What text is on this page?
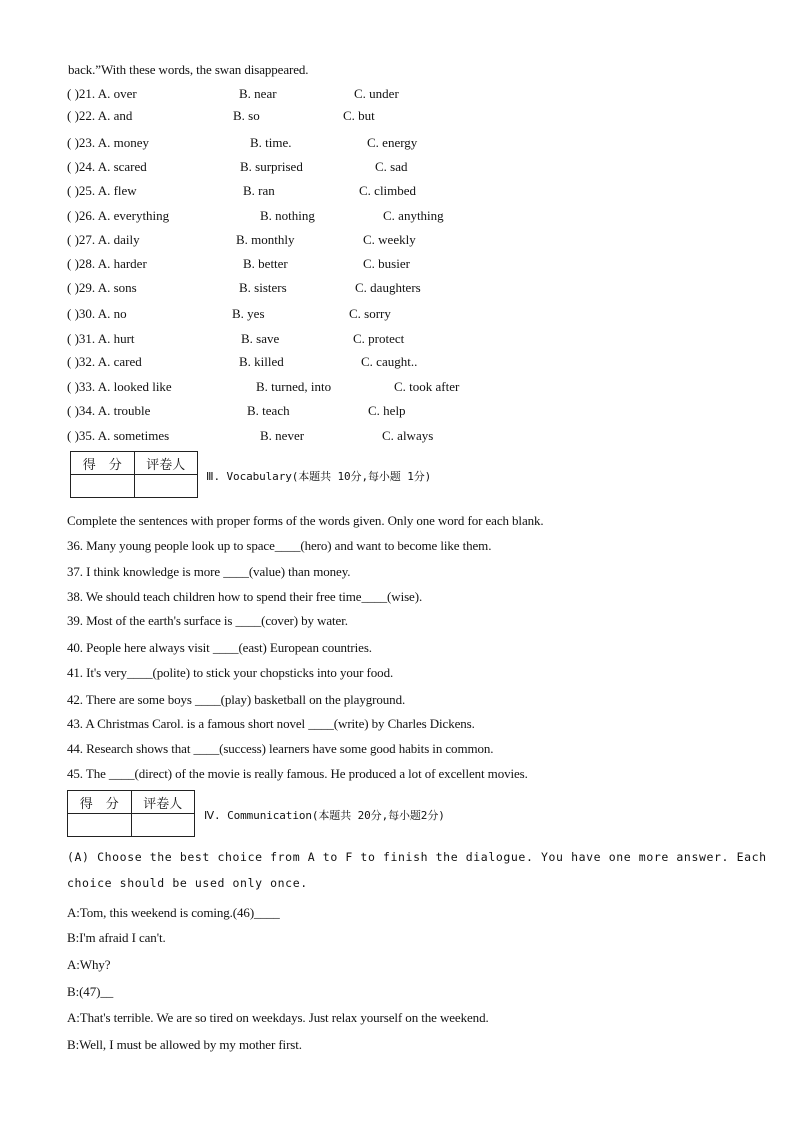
back.”With these words, the swan disappeared.
( )21. A. over	B. near	C. under
( )22. A. and	B. so	C. but
( )23. A. money	B. time.	C. energy
( )24. A. scared	B. surprised	C. sad
( )25. A. flew	B. ran	C. climbed
( )26. A. everything	B. nothing	C. anything
( )27. A. daily	B. monthly	C. weekly
( )28. A. harder	B. better	C. busier
( )29. A. sons	B. sisters	C. daughters
( )30. A. no	B. yes	C. sorry
( )31. A. hurt	B. save	C. protect
( )32. A. cared	B. killed	C. caught..
( )33. A. looked like	B. turned, into	C. took after
( )34. A. trouble	B. teach	C. help
( )35. A. sometimes	B. never	C. always
得　分	评卷人

Ⅲ. Vocabulary(本题共 10分,每小题 1分)
Complete the sentences with proper forms of the words given. Only one word for each blank.
36. Many young people look up to space____(hero) and want to become like them.
37. I think knowledge is more ____(value) than money.
38. We should teach children how to spend their free time____(wise).
39. Most of the earth's surface is ____(cover) by water.
40. People here always visit ____(east) European countries.
41. It's very____(polite) to stick your chopsticks into your food.
42. There are some boys ____(play) basketball on the playground.
43. A Christmas Carol. is a famous short novel ____(write) by Charles Dickens.
44. Research shows that ____(success) learners have some good habits in common.
45. The ____(direct) of the movie is really famous. He produced a lot of excellent movies.
得　分	评卷人

Ⅳ. Communication(本题共 20分,每小题2分)
(A) Choose the best choice from A to F to finish the dialogue. You have one more answer. Each
choice should be used only once.
A:Tom, this weekend is coming.(46)____
B:I'm afraid I can't.
A:Why?
B:(47)__
A:That's terrible. We are so tired on weekdays. Just relax yourself on the weekend.
B:Well, I must be allowed by my mother first.
